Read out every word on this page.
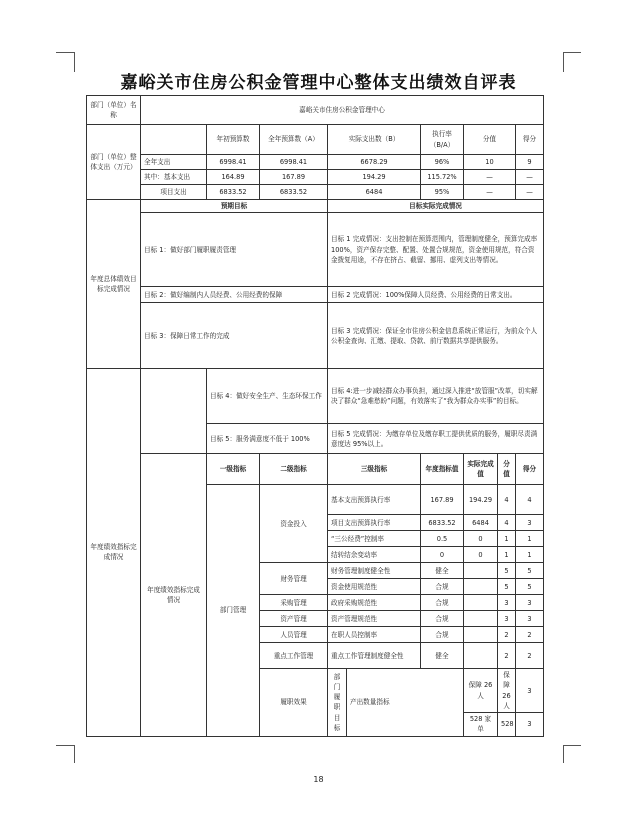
嘉峪关市住房公积金管理中心整体支出绩效自评表
部门（单位）名称	嘉峪关市住房公积金管理中心									
部门（单位）整体支出（万元）		年初预算数	全年预算数（A）	实际支出数（B）		执行率（B/A）	分值		得分	
	全年支出	6998.41	6998.41	6678.29		96%	10		9	
	其中：基本支出	164.89	167.89	194.29		115.72%	—		—	
	项目支出	6833.52	6833.52	6484		95%	—		—	
年度总体绩效目标完成情况	预期目标			目标实际完成情况						
	目标 1：做好部门履职履责管理			目标 1 完成情况：支出控制在预算范围内，管理制度健全，预算完成率 100%，资产保存完整、配置、处置合规规范，资金使用规范，符合资金拨复用途，不存在挤占、截留、挪用、虚列支出等情况。						
	目标 2：做好编制内人员经费、公用经费的保障			目标 2 完成情况：100%保障人员经费、公用经费的日常支出。						
	目标 3：保障日常工作的完成			目标 3 完成情况：保证全市住房公积金信息系统正常运行，为前众个人公积金查询、汇缴、提取、贷款、前厅数据共享提供服务。						
年度绩效指标完成情况		目标 4：做好安全生产、生态环保工作		目标 4:进一步减轻群众办事负担，通过深入推进“放管服”改革，切实解决了群众“急难愁盼”问题，有效落实了“我为群众办实事”的目标。						
		目标 5：服务满意度不低于 100%		目标 5 完成情况：为缴存单位及缴存职工提供优质的服务，履职尽责满意度达 95%以上。						
	年度绩效指标完成情况	一级指标	二级指标	三级指标		年度指标值	实际完成值	分值	得分	
		部门管理	资金投入	基本支出预算执行率		167.89	194.29	4	4	
				项目支出预算执行率		6833.52	6484	4	3	
				“三公经费”控制率		0.5	0	1	1	
				结转结余变动率		0	0	1	1	
			财务管理	财务管理制度健全性		健全		5	5	
				资金使用规范性		合规		5	5	
			采购管理	政府采购规范性		合规		3	3	
			资产管理	资产管理规范性		合规		3	3	
			人员管理	在职人员控制率		合规		2	2	
			重点工作管理	重点工作管理制度健全性		健全		2	2	
			履职效果	部门履职目标	产出数量指标		保障 26 人	保障 26 人	3	
							528 家单	528	3	
18
